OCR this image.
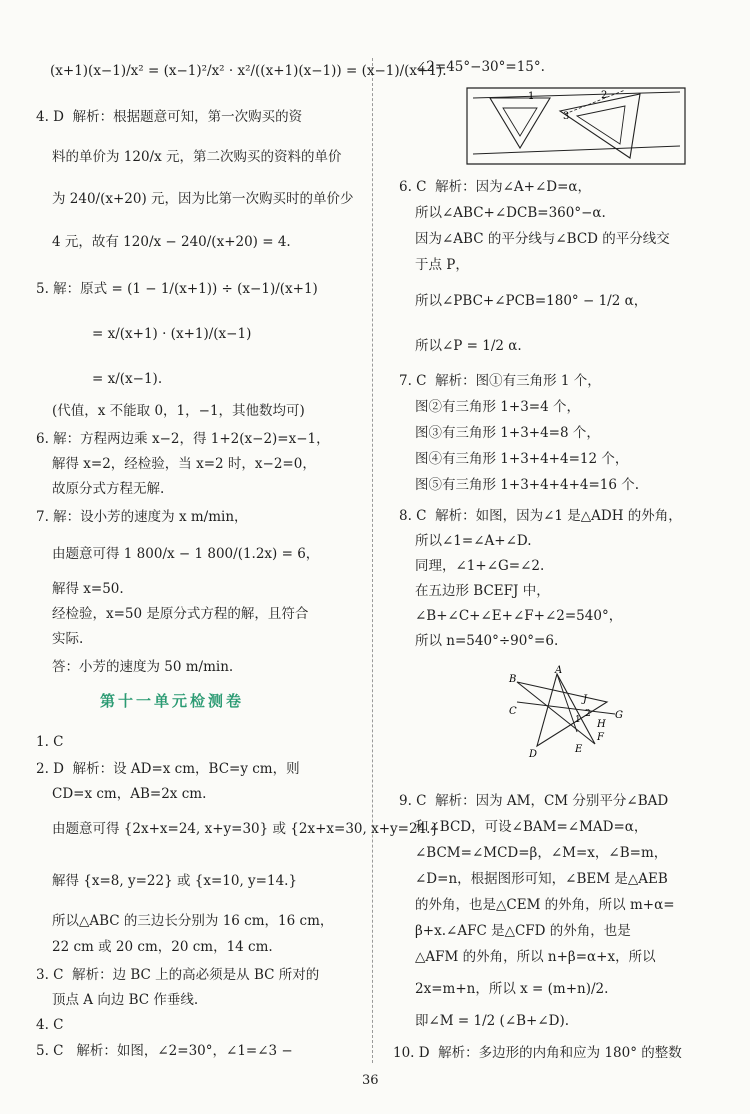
(x+1)(x−1)/x² = (x−1)²/x² · x²/((x+1)(x−1)) = (x−1)/(x+1).
4. D  解析：根据题意可知，第一次购买的资
料的单价为 120/x 元，第二次购买的资料的单价
为 240/(x+20) 元，因为比第一次购买时的单价少
4 元，故有 120/x − 240/(x+20) = 4.
5. 解：原式 = (1 − 1/(x+1)) ÷ (x−1)/(x+1)
= x/(x+1) · (x+1)/(x−1)
= x/(x−1).
(代值，x 不能取 0，1，−1，其他数均可)
6. 解：方程两边乘 x−2，得 1+2(x−2)=x−1，
解得 x=2，经检验，当 x=2 时，x−2=0，
故原分式方程无解.
7. 解：设小芳的速度为 x m/min，
由题意可得 1 800/x − 1 800/(1.2x) = 6，
解得 x=50.
经检验，x=50 是原分式方程的解，且符合
实际.
答：小芳的速度为 50 m/min.
第十一单元检测卷
1. C
2. D  解析：设 AD=x cm，BC=y cm，则
CD=x cm，AB=2x cm.
由题意可得 {2x+x=24, x+y=30} 或 {2x+x=30, x+y=24.}
解得 {x=8, y=22} 或 {x=10, y=14.}
所以△ABC 的三边长分别为 16 cm，16 cm，
22 cm 或 20 cm，20 cm，14 cm.
3. C  解析：边 BC 上的高必须是从 BC 所对的
顶点 A 向边 BC 作垂线.
4. C
5. C   解析：如图，∠2=30°，∠1=∠3 −
∠2=45°−30°=15°.
1	2
3
6. C  解析：因为∠A+∠D=α，
所以∠ABC+∠DCB=360°−α.
因为∠ABC 的平分线与∠BCD 的平分线交
于点 P，
所以∠PBC+∠PCB=180° − 1/2 α，
所以∠P = 1/2 α.
7. C  解析：图①有三角形 1 个，
图②有三角形 1+3=4 个，
图③有三角形 1+3+4=8 个，
图④有三角形 1+3+4+4=12 个，
图⑤有三角形 1+3+4+4+4=16 个.
8. C  解析：如图，因为∠1 是△ADH 的外角，
所以∠1=∠A+∠D.
同理，∠1+∠G=∠2.
在五边形 BCEFJ 中，
∠B+∠C+∠E+∠F+∠2=540°，
所以 n=540°÷90°=6.
A
B
C
D	E
F
G
H
J
1
2
9. C  解析：因为 AM，CM 分别平分∠BAD
和∠BCD，可设∠BAM=∠MAD=α，
∠BCM=∠MCD=β，∠M=x，∠B=m，
∠D=n，根据图形可知，∠BEM 是△AEB
的外角，也是△CEM 的外角，所以 m+α=
β+x.∠AFC 是△CFD 的外角，也是
△AFM 的外角，所以 n+β=α+x，所以
2x=m+n，所以 x = (m+n)/2.
即∠M = 1/2 (∠B+∠D).
10. D  解析：多边形的内角和应为 180° 的整数
36
